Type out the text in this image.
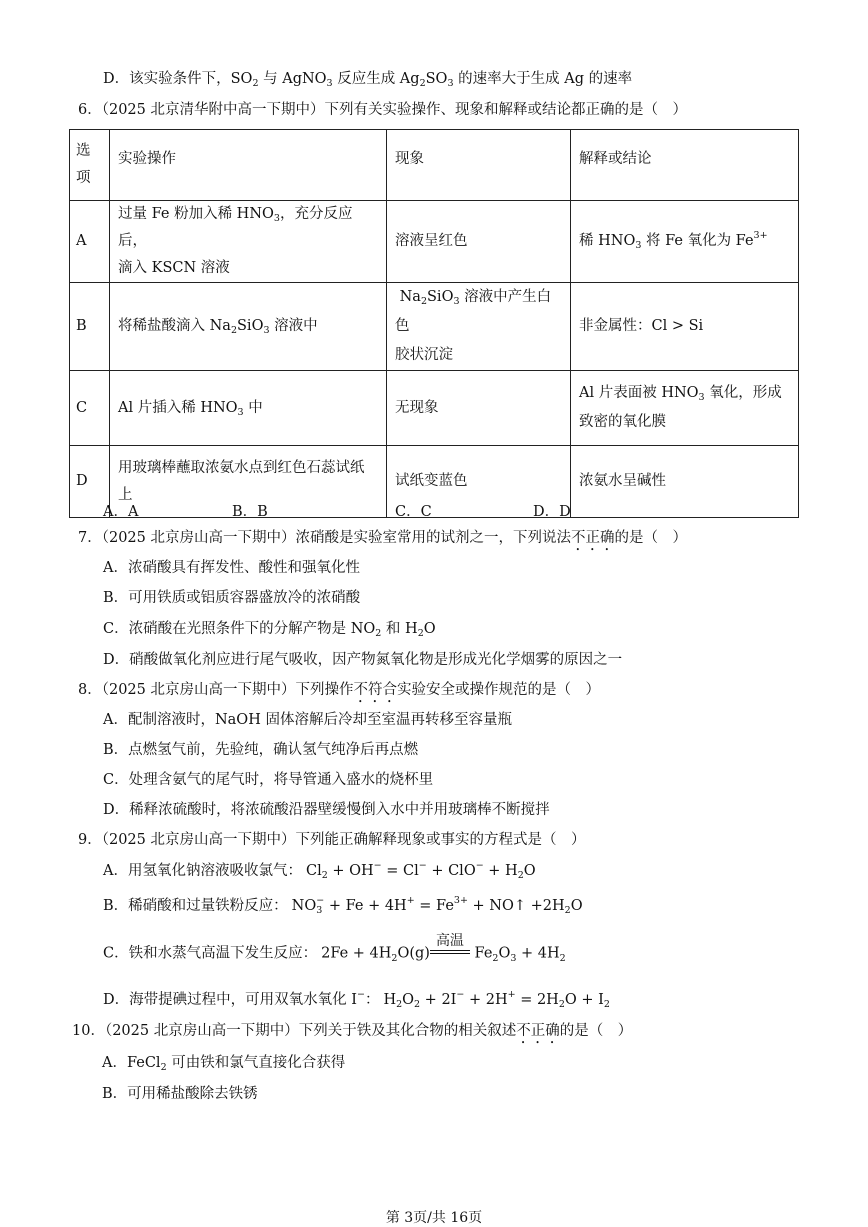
D．该实验条件下，$SO_2$ 与 AgNO$_3$ 反应生成 $Ag_2SO_3$ 的速率大于生成 Ag 的速率
6．（2025 北京清华附中高一下期中）下列有关实验操作、现象和解释或结论都正确的是（　）
选
项	实验操作	现象	解释或结论
A	过量 Fe 粉加入稀 $HNO_3$，充分反应后，
滴入 KSCN 溶液	溶液呈红色	稀 $HNO_3$ 将 Fe 氧化为 $Fe^{3+}$
B	将稀盐酸滴入 $Na_2SiO_3$ 溶液中	$Na_2SiO_3$ 溶液中产生白色
胶状沉淀	非金属性：Cl > Si
C	Al 片插入稀 $HNO_3$ 中	无现象	Al 片表面被 $HNO_3$ 氧化，形成
致密的氧化膜

D	用玻璃棒蘸取浓氨水点到红色石蕊试纸
上	试纸变蓝色	浓氨水呈碱性
A．A	B．B	C．C	D．D
7．（2025 北京房山高一下期中）浓硝酸是实验室常用的试剂之一，下列说法不正确的是（　）
A．浓硝酸具有挥发性、酸性和强氧化性
B．可用铁质或铝质容器盛放冷的浓硝酸
C．浓硝酸在光照条件下的分解产物是 $NO_2$ 和 $H_2O$
D．硝酸做氧化剂应进行尾气吸收，因产物氮氧化物是形成光化学烟雾的原因之一
8．（2025 北京房山高一下期中）下列操作不符合实验安全或操作规范的是（　）
A．配制溶液时，NaOH 固体溶解后冷却至室温再转移至容量瓶
B．点燃氢气前，先验纯，确认氢气纯净后再点燃
C．处理含氨气的尾气时，将导管通入盛水的烧杯里
D．稀释浓硫酸时，将浓硫酸沿器壁缓慢倒入水中并用玻璃棒不断搅拌
9．（2025 北京房山高一下期中）下列能正确解释现象或事实的方程式是（　）
A．用氢氧化钠溶液吸收氯气： $Cl_2 + OH^- = Cl^- + ClO^- + H_2O$
B．稀硝酸和过量铁粉反应： $NO_3^- + Fe + 4H^+ = Fe^{3+}$ + NO↑ $+2H_2O$
C．铁和水蒸气高温下发生反应： $2Fe + 4H_2O(g)$
高温
$Fe_2O_3 + 4H_2$
D．海带提碘过程中，可用双氧水氧化 I−： $H_2O_2 + 2I^- + 2H^+ = 2H_2O + I_2$
10．（2025 北京房山高一下期中）下列关于铁及其化合物的相关叙述不正确的是（　）
A．FeCl$_2$ 可由铁和氯气直接化合获得
B．可用稀盐酸除去铁锈
第 3页/共 16页
